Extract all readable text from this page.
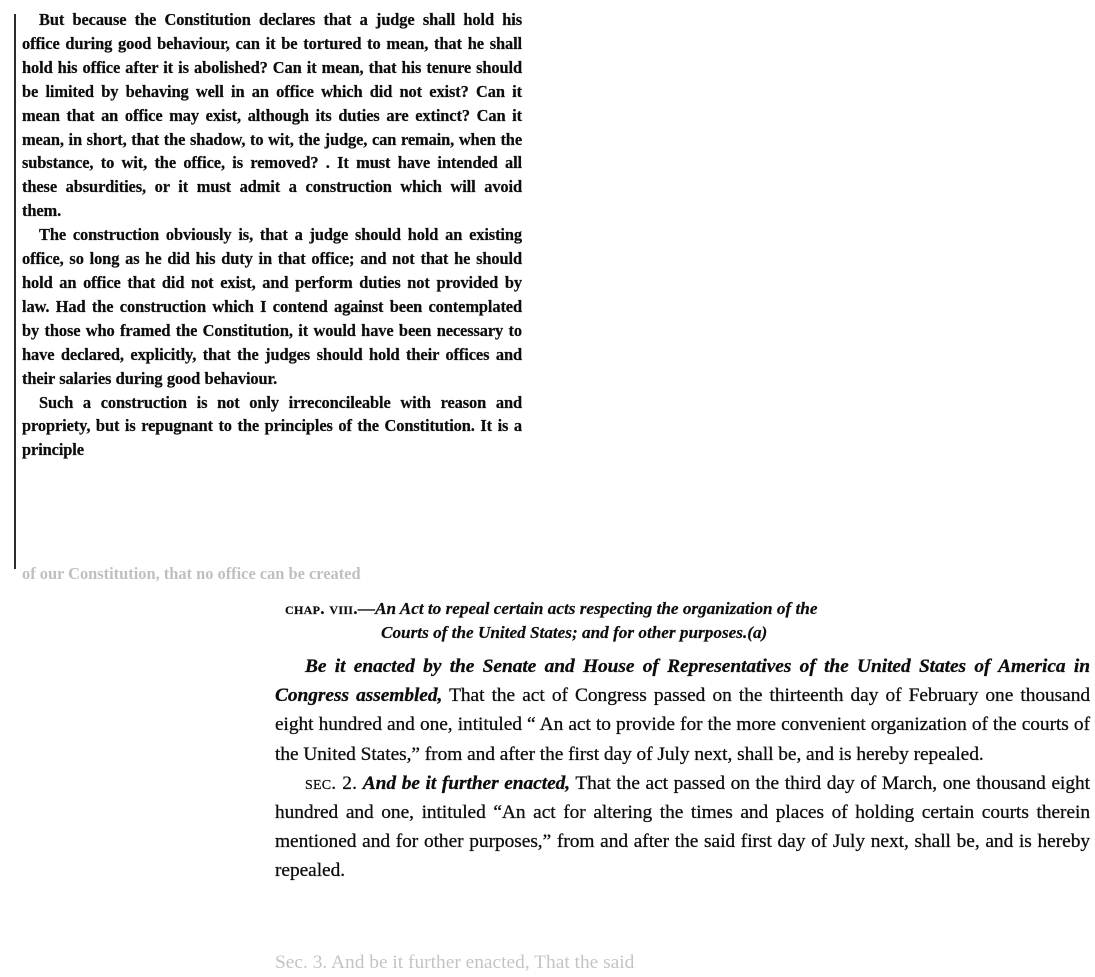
But because the Constitution declares that a judge shall hold his office during good behaviour, can it be tortured to mean, that he shall hold his office after it is abolished? Can it mean, that his tenure should be limited by behaving well in an office which did not exist? Can it mean that an office may exist, although its duties are extinct? Can it mean, in short, that the shadow, to wit, the judge, can remain, when the substance, to wit, the office, is removed? . It must have intended all these absurdities, or it must admit a construction which will avoid them.

The construction obviously is, that a judge should hold an existing office, so long as he did his duty in that office; and not that he should hold an office that did not exist, and perform duties not provided by law. Had the construction which I contend against been contemplated by those who framed the Constitution, it would have been necessary to have declared, explicitly, that the judges should hold their offices and their salaries during good behaviour.

Such a construction is not only irreconcileable with reason and propriety, but is repugnant to the principles of the Constitution. It is a principle

of our Constitution, that no office can be created

chap. viii.—An Act to repeal certain acts respecting the organization of the
Courts of the United States; and for other purposes.(a)

Be it enacted by the Senate and House of Representatives of the United States of America in Congress assembled, That the act of Congress passed on the thirteenth day of February one thousand eight hundred and one, intituled “ An act to provide for the more convenient organization of the courts of the United States,” from and after the first day of July next, shall be, and is hereby repealed.

sec. 2. And be it further enacted, That the act passed on the third day of March, one thousand eight hundred and one, intituled “An act for altering the times and places of holding certain courts therein mentioned and for other purposes,” from and after the said first day of July next, shall be, and is hereby repealed.

Sec. 3. And be it further enacted, That the said
